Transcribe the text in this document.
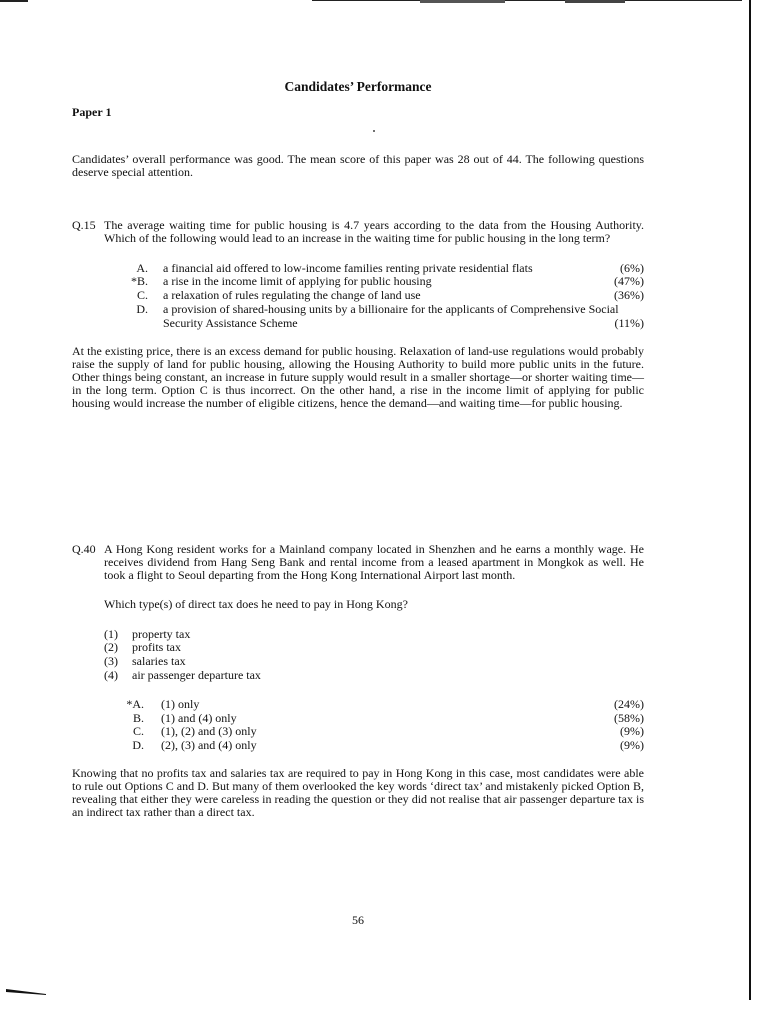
Candidates’ Performance
Paper 1
Candidates’ overall performance was good. The mean score of this paper was 28 out of 44. The following questions deserve special attention.
Q.15 The average waiting time for public housing is 4.7 years according to the data from the Housing Authority. Which of the following would lead to an increase in the waiting time for public housing in the long term?
A. a financial aid offered to low-income families renting private residential flats	(6%)
*B. a rise in the income limit of applying for public housing	(47%)
C. a relaxation of rules regulating the change of land use	(36%)
D. a provision of shared-housing units by a billionaire for the applicants of Comprehensive Social
Security Assistance Scheme	(11%)
At the existing price, there is an excess demand for public housing. Relaxation of land-use regulations would probably raise the supply of land for public housing, allowing the Housing Authority to build more public units in the future. Other things being constant, an increase in future supply would result in a smaller shortage—or shorter waiting time—in the long term. Option C is thus incorrect. On the other hand, a rise in the income limit of applying for public housing would increase the number of eligible citizens, hence the demand—and waiting time—for public housing.
Q.40 A Hong Kong resident works for a Mainland company located in Shenzhen and he earns a monthly wage. He receives dividend from Hang Seng Bank and rental income from a leased apartment in Mongkok as well. He took a flight to Seoul departing from the Hong Kong International Airport last month.
Which type(s) of direct tax does he need to pay in Hong Kong?
(1)	property tax
(2)	profits tax
(3)	salaries tax
(4)	air passenger departure tax
*A. (1) only	(24%)
B. (1) and (4) only	(58%)
C. (1), (2) and (3) only	(9%)
D. (2), (3) and (4) only	(9%)
Knowing that no profits tax and salaries tax are required to pay in Hong Kong in this case, most candidates were able to rule out Options C and D. But many of them overlooked the key words ‘direct tax’ and mistakenly picked Option B, revealing that either they were careless in reading the question or they did not realise that air passenger departure tax is an indirect tax rather than a direct tax.
56
